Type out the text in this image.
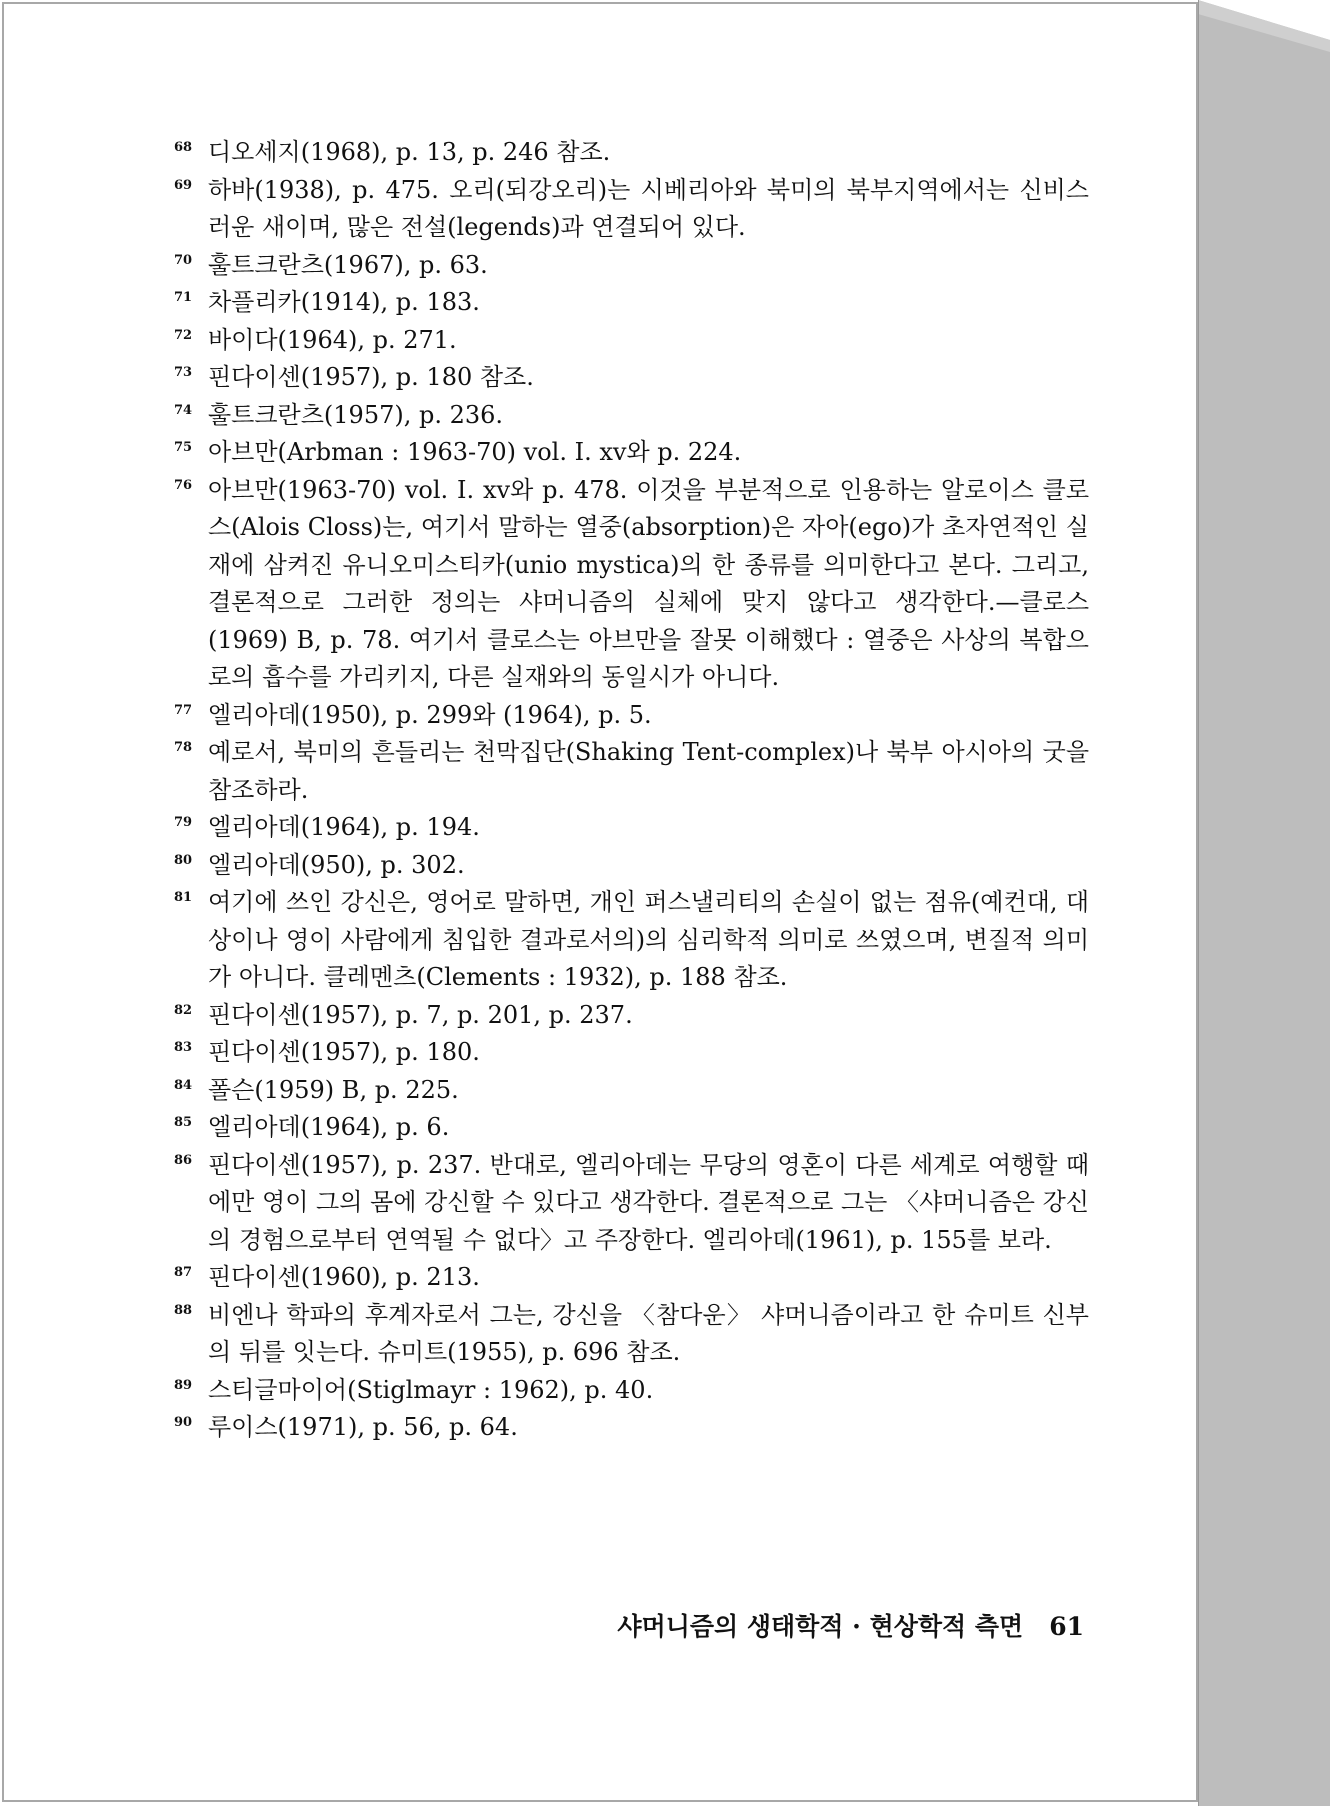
68 디오세지(1968), p. 13, p. 246 참조.
69 하바(1938), p. 475. 오리(되강오리)는 시베리아와 북미의 북부지역에서는 신비스러운 새이며, 많은 전설(legends)과 연결되어 있다.
70 훌트크란츠(1967), p. 63.
71 차플리카(1914), p. 183.
72 바이다(1964), p. 271.
73 핀다이센(1957), p. 180 참조.
74 훌트크란츠(1957), p. 236.
75 아브만(Arbman : 1963-70) vol. I. xv와 p. 224.
76 아브만(1963-70) vol. I. xv와 p. 478. 이것을 부분적으로 인용하는 알로이스 클로스(Alois Closs)는, 여기서 말하는 열중(absorption)은 자아(ego)가 초자연적인 실재에 삼켜진 유니오미스티카(unio mystica)의 한 종류를 의미한다고 본다. 그리고, 결론적으로 그러한 정의는 샤머니즘의 실체에 맞지 않다고 생각한다.—클로스(1969) B, p. 78. 여기서 클로스는 아브만을 잘못 이해했다 : 열중은 사상의 복합으로의 흡수를 가리키지, 다른 실재와의 동일시가 아니다.
77 엘리아데(1950), p. 299와 (1964), p. 5.
78 예로서, 북미의 흔들리는 천막집단(Shaking Tent-complex)나 북부 아시아의 굿을 참조하라.
79 엘리아데(1964), p. 194.
80 엘리아데(950), p. 302.
81 여기에 쓰인 강신은, 영어로 말하면, 개인 퍼스낼리티의 손실이 없는 점유(예컨대, 대상이나 영이 사람에게 침입한 결과로서의)의 심리학적 의미로 쓰였으며, 변질적 의미가 아니다. 클레멘츠(Clements : 1932), p. 188 참조.
82 핀다이센(1957), p. 7, p. 201, p. 237.
83 핀다이센(1957), p. 180.
84 폴슨(1959) B, p. 225.
85 엘리아데(1964), p. 6.
86 핀다이센(1957), p. 237. 반대로, 엘리아데는 무당의 영혼이 다른 세계로 여행할 때에만 영이 그의 몸에 강신할 수 있다고 생각한다. 결론적으로 그는 〈샤머니즘은 강신의 경험으로부터 연역될 수 없다〉고 주장한다. 엘리아데(1961), p. 155를 보라.
87 핀다이센(1960), p. 213.
88 비엔나 학파의 후계자로서 그는, 강신을 〈참다운〉 샤머니즘이라고 한 슈미트 신부의 뒤를 잇는다. 슈미트(1955), p. 696 참조.
89 스티글마이어(Stiglmayr : 1962), p. 40.
90 루이스(1971), p. 56, p. 64.
샤머니즘의 생태학적 · 현상학적 측면 61
